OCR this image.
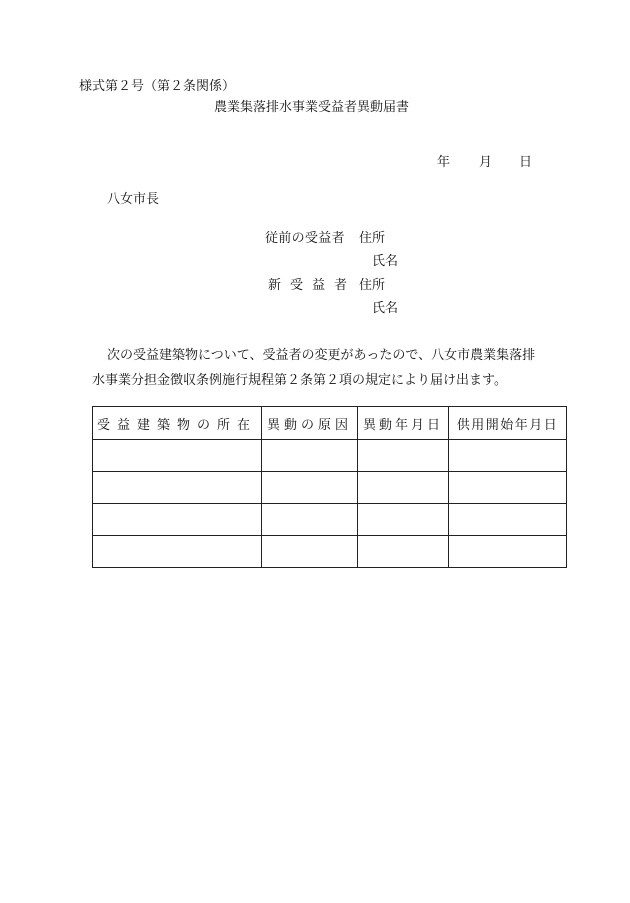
様式第２号（第２条関係）
農業集落排水事業受益者異動届書
年 月 日
八女市長
従前の受益者 住所
氏名
新 受 益 者 住所
氏名
次の受益建築物について、受益者の変更があったので、八女市農業集落排
水事業分担金徴収条例施行規程第２条第２項の規定により届け出ます。
受益建築物の所在	異動の原因	異動年月日	供用開始年月日
